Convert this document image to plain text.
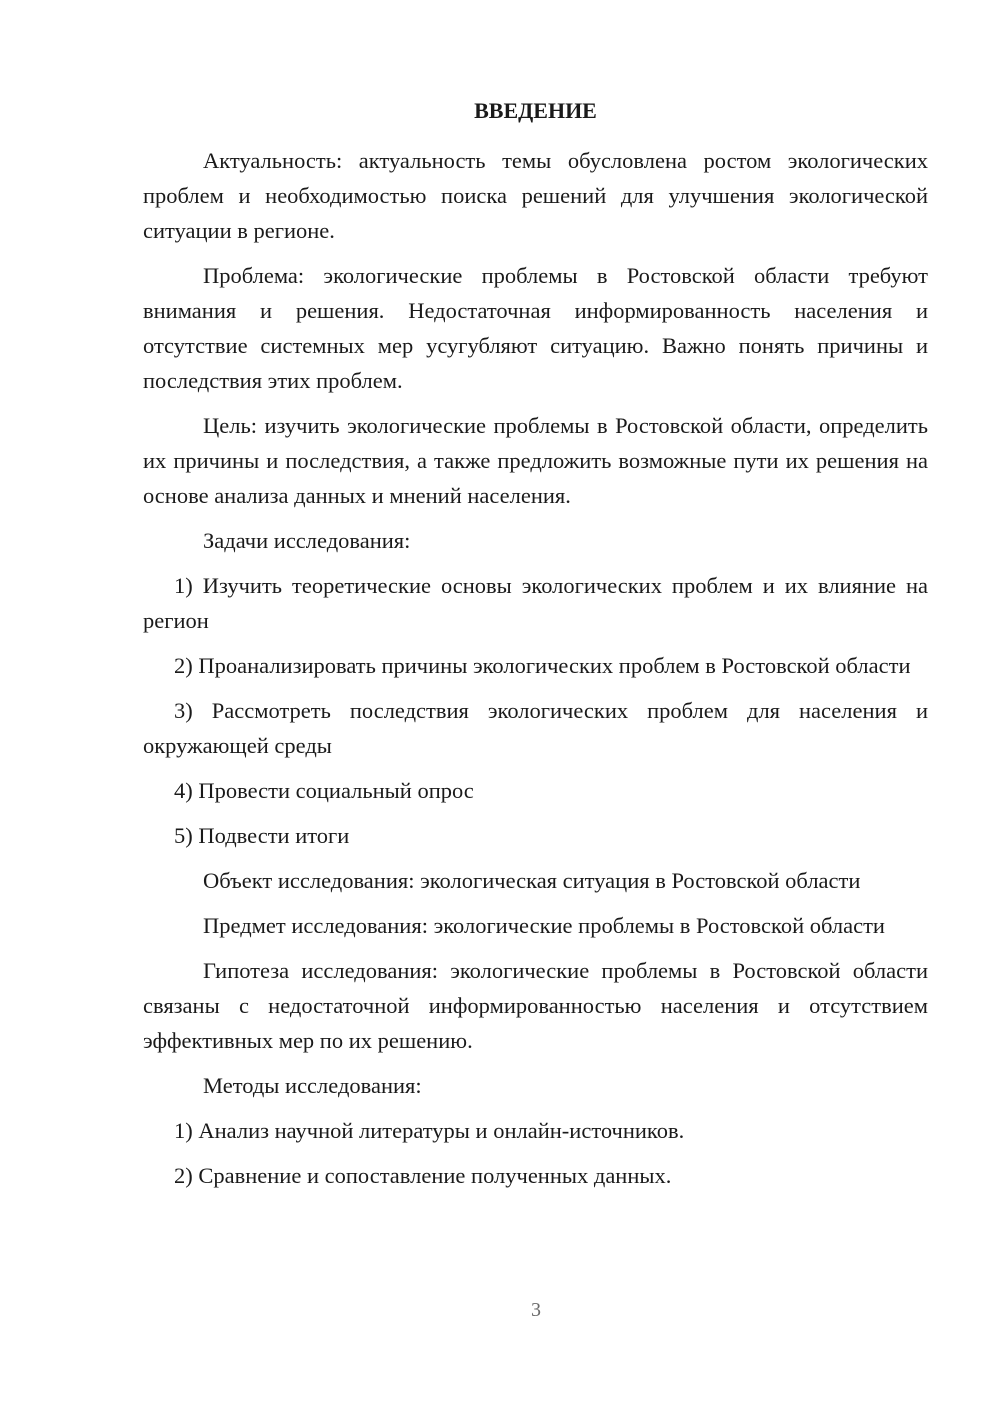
ВВЕДЕНИЕ

Актуальность: актуальность темы обусловлена ростом экологических проблем и необходимостью поиска решений для улучшения экологической ситуации в регионе.

Проблема: экологические проблемы в Ростовской области требуют внимания и решения. Недостаточная информированность населения и отсутствие системных мер усугубляют ситуацию. Важно понять причины и последствия этих проблем.

Цель: изучить экологические проблемы в Ростовской области, определить их причины и последствия, а также предложить возможные пути их решения на основе анализа данных и мнений населения.

Задачи исследования:

1) Изучить теоретические основы экологических проблем и их влияние на регион

2) Проанализировать причины экологических проблем в Ростовской области

3) Рассмотреть последствия экологических проблем для населения и окружающей среды

4) Провести социальный опрос

5) Подвести итоги

Объект исследования: экологическая ситуация в Ростовской области

Предмет исследования: экологические проблемы в Ростовской области

Гипотеза исследования: экологические проблемы в Ростовской области связаны с недостаточной информированностью населения и отсутствием эффективных мер по их решению.

Методы исследования:

1) Анализ научной литературы и онлайн-источников.

2) Сравнение и сопоставление полученных данных.

3
